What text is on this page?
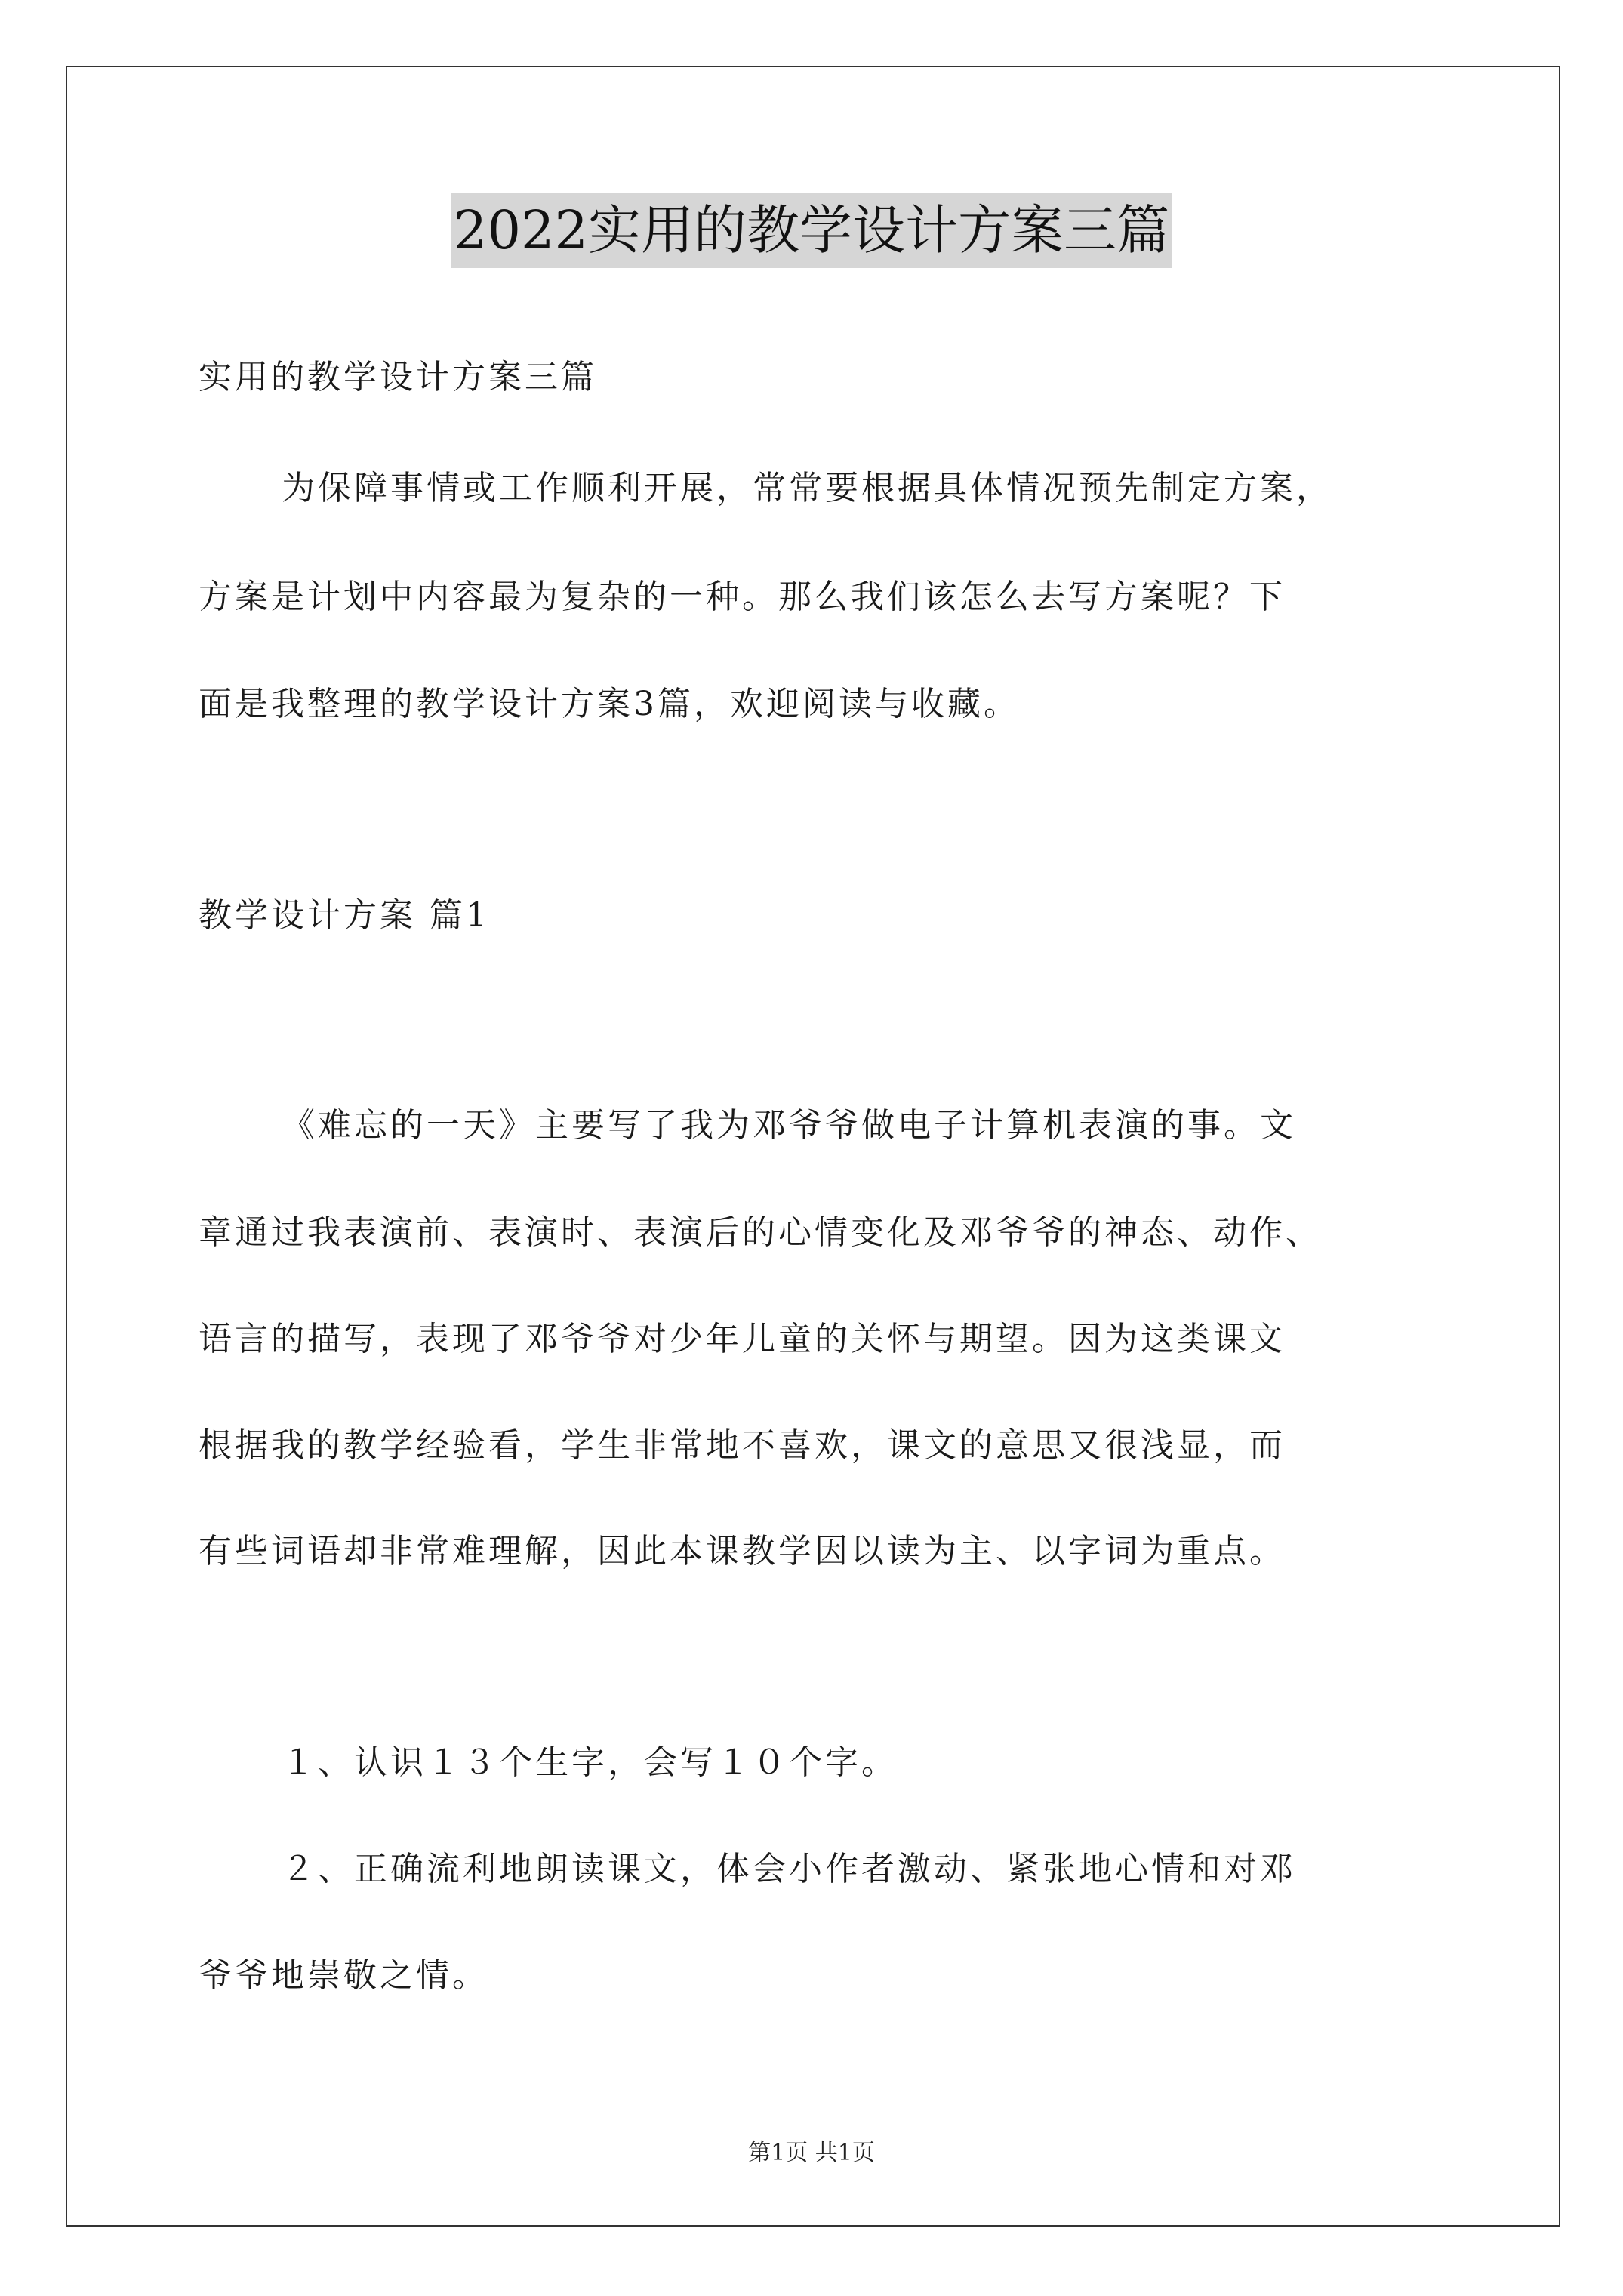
2022实用的教学设计方案三篇
实用的教学设计方案三篇
为保障事情或工作顺利开展，常常要根据具体情况预先制定方案，
方案是计划中内容最为复杂的一种。那么我们该怎么去写方案呢？下
面是我整理的教学设计方案3篇，欢迎阅读与收藏。
教学设计方案 篇1
《难忘的一天》主要写了我为邓爷爷做电子计算机表演的事。文
章通过我表演前、表演时、表演后的心情变化及邓爷爷的神态、动作、
语言的描写，表现了邓爷爷对少年儿童的关怀与期望。因为这类课文
根据我的教学经验看，学生非常地不喜欢，课文的意思又很浅显，而
有些词语却非常难理解，因此本课教学因以读为主、以字词为重点。
１、认识１３个生字，会写１０个字。
２、正确流利地朗读课文，体会小作者激动、紧张地心情和对邓
爷爷地崇敬之情。
第1页 共1页
